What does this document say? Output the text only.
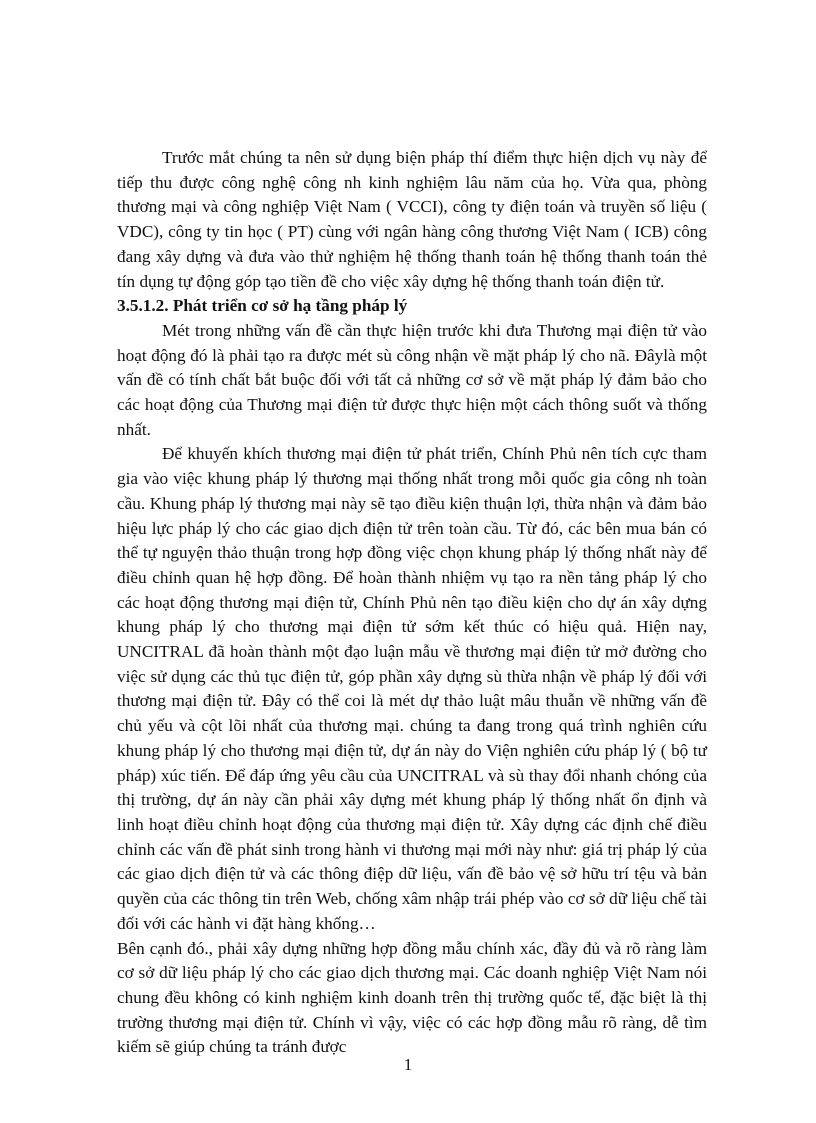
Trước mắt chúng ta nên sử dụng biện pháp thí điểm thực hiện dịch vụ này để tiếp thu được công nghệ công nh kinh nghiệm lâu năm của họ. Vừa qua, phòng thương mại và công nghiệp Việt Nam ( VCCI), công ty điện toán và truyền số liệu ( VDC), công ty tin học ( PT) cùng với ngân hàng công thương Việt Nam ( ICB) công đang xây dựng và đưa vào thử nghiệm hệ thống thanh toán hệ thống thanh toán thẻ tín dụng tự động góp tạo tiền đề cho việc xây dựng hệ thống thanh toán điện tử.

3.5.1.2. Phát triển cơ sở hạ tầng pháp lý

Mét trong những vấn đề cần thực hiện trước khi đưa Thương mại điện tử vào hoạt động đó là phải tạo ra được mét sù công nhận về mặt pháp lý cho nã. Đâylà một vấn đề có tính chất bắt buộc đối với tất cả những cơ sở về mặt pháp lý đảm bảo cho các hoạt động của Thương mại điện tử được thực hiện một cách thông suốt và thống nhất.

Để khuyến khích thương mại điện tử phát triển, Chính Phủ nên tích cực tham gia vào việc khung pháp lý thương mại thống nhất trong mỗi quốc gia công nh toàn cầu. Khung pháp lý thương mại này sẽ tạo điều kiện thuận lợi, thừa nhận và đảm bảo hiệu lực pháp lý cho các giao dịch điện tử trên toàn cầu. Từ đó, các bên mua bán có thể tự nguyện thảo thuận trong hợp đồng việc chọn khung pháp lý thống nhất này để điều chỉnh quan hệ hợp đồng. Để hoàn thành nhiệm vụ tạo ra nền tảng pháp lý cho các hoạt động thương mại điện tử, Chính Phủ nên tạo điều kiện cho dự án xây dựng khung pháp lý cho thương mại điện tử sớm kết thúc có hiệu quả. Hiện nay, UNCITRAL đã hoàn thành một đạo luận mẫu về thương mại điện tử mở đường cho việc sử dụng các thủ tục điện tử, góp phần xây dựng sù thừa nhận về pháp lý đối với thương mại điện tử. Đây có thể coi là mét dự thảo luật mâu thuẫn về những vấn đề chủ yếu và cột lõi nhất của thương mại. chúng ta đang trong quá trình nghiên cứu khung pháp lý cho thương mại điện tử, dự án này do Viện nghiên cứu pháp lý ( bộ tư pháp) xúc tiến. Để đáp ứng yêu cầu của UNCITRAL và sù thay đổi nhanh chóng của thị trường, dự án này cần phải xây dựng mét khung pháp lý thống nhất ổn định và linh hoạt điều chỉnh hoạt động của thương mại điện tử. Xây dựng các định chế điều chỉnh các vấn đề phát sinh trong hành vi thương mại mới này như: giá trị pháp lý của các giao dịch điện tử và các thông điệp dữ liệu, vấn đề bảo vệ sở hữu trí tệu và bản quyền của các thông tin trên Web, chống xâm nhập trái phép vào cơ sở dữ liệu chế tài đối với các hành vi đặt hàng khống…

Bên cạnh đó., phải xây dựng những hợp đồng mẫu chính xác, đầy đủ và rõ ràng làm cơ sở dữ liệu pháp lý cho các giao dịch thương mại. Các doanh nghiệp Việt Nam nói chung đều không có kinh nghiệm kinh doanh trên thị trường quốc tế, đặc biệt là thị trường thương mại điện tử. Chính vì vậy, việc có các hợp đồng mẫu rõ ràng, dễ tìm kiếm sẽ giúp chúng ta tránh được

1
